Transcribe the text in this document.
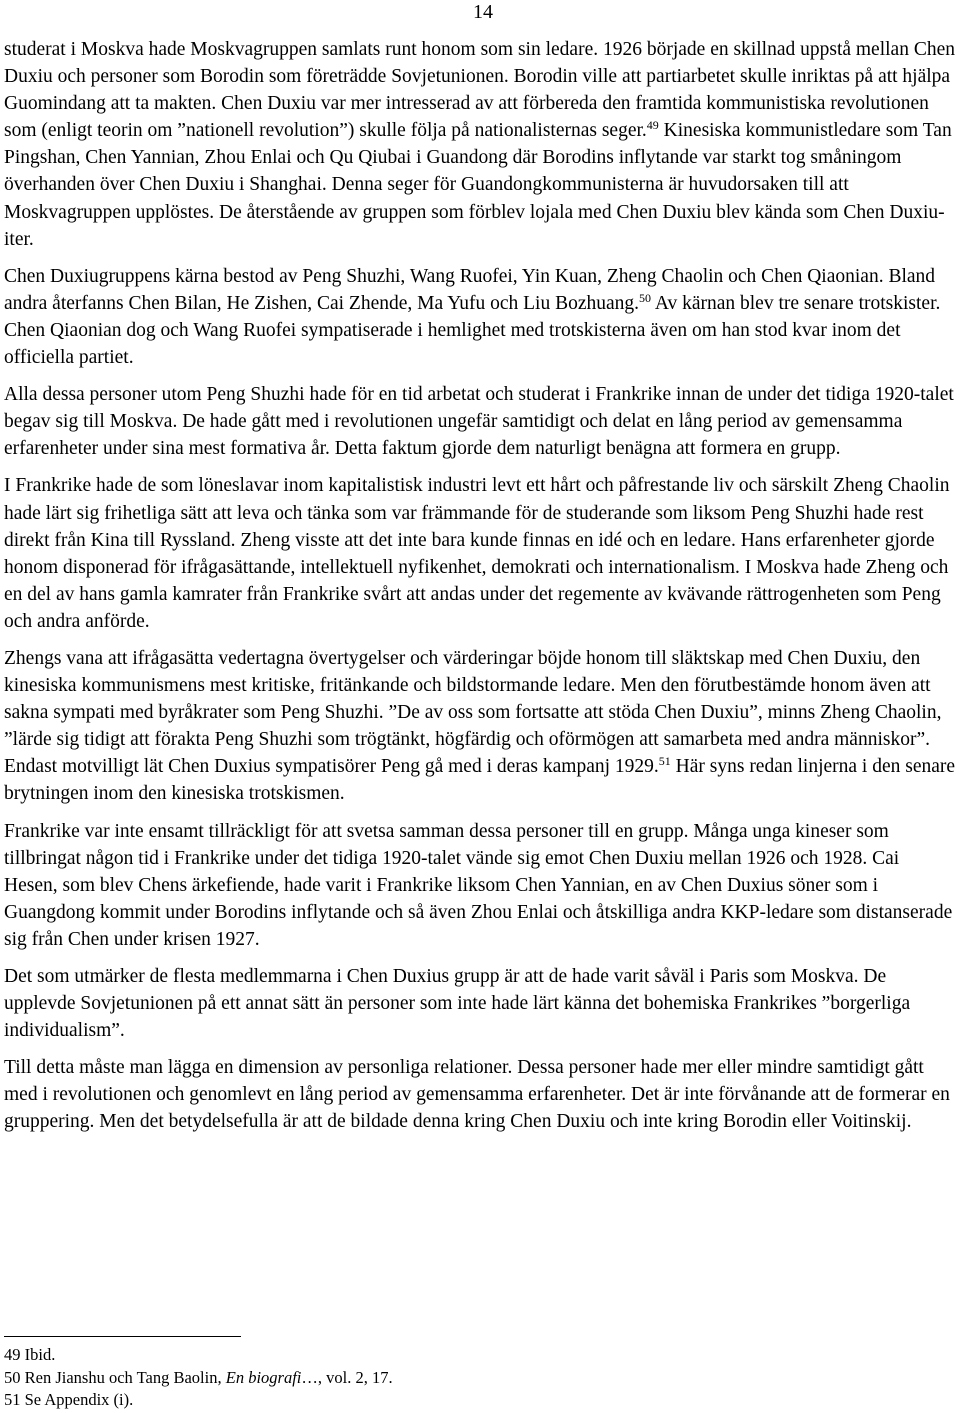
14

studerat i Moskva hade Moskvagruppen samlats runt honom som sin ledare. 1926 började en skillnad uppstå mellan Chen Duxiu och personer som Borodin som företrädde Sovjetunionen. Borodin ville att partiarbetet skulle inriktas på att hjälpa Guomindang att ta makten. Chen Duxiu var mer intresserad av att förbereda den framtida kommunistiska revolutionen som (enligt teorin om ”nationell revolution”) skulle följa på nationalisternas seger.$^{49}$ Kinesiska kommunistledare som Tan Pingshan, Chen Yannian, Zhou Enlai och Qu Qiubai i Guandong där Borodins inflytande var starkt tog småningom överhanden över Chen Duxiu i Shanghai. Denna seger för Guandongkommunisterna är huvudorsaken till att Moskvagruppen upplöstes. De återstående av gruppen som förblev lojala med Chen Duxiu blev kända som Chen Duxiu-iter.

Chen Duxiugruppens kärna bestod av Peng Shuzhi, Wang Ruofei, Yin Kuan, Zheng Chaolin och Chen Qiaonian. Bland andra återfanns Chen Bilan, He Zishen, Cai Zhende, Ma Yufu och Liu Bozhuang.$^{50}$ Av kärnan blev tre senare trotskister. Chen Qiaonian dog och Wang Ruofei sympatiserade i hemlighet med trotskisterna även om han stod kvar inom det officiella partiet.

Alla dessa personer utom Peng Shuzhi hade för en tid arbetat och studerat i Frankrike innan de under det tidiga 1920-talet begav sig till Moskva. De hade gått med i revolutionen ungefär samtidigt och delat en lång period av gemensamma erfarenheter under sina mest formativa år. Detta faktum gjorde dem naturligt benägna att formera en grupp.

I Frankrike hade de som löneslavar inom kapitalistisk industri levt ett hårt och påfrestande liv och särskilt Zheng Chaolin hade lärt sig frihetliga sätt att leva och tänka som var främmande för de studerande som liksom Peng Shuzhi hade rest direkt från Kina till Ryssland. Zheng visste att det inte bara kunde finnas en idé och en ledare. Hans erfarenheter gjorde honom disponerad för ifrågasättande, intellektuell nyfikenhet, demokrati och internationalism. I Moskva hade Zheng och en del av hans gamla kamrater från Frankrike svårt att andas under det regemente av kvävande rättrogenheten som Peng och andra anförde.

Zhengs vana att ifrågasätta vedertagna övertygelser och värderingar böjde honom till släktskap med Chen Duxiu, den kinesiska kommunismens mest kritiske, fritänkande och bildstormande ledare. Men den förutbestämde honom även att sakna sympati med byråkrater som Peng Shuzhi. ”De av oss som fortsatte att stöda Chen Duxiu”, minns Zheng Chaolin, ”lärde sig tidigt att förakta Peng Shuzhi som trögtänkt, högfärdig och oförmögen att samarbeta med andra människor”. Endast motvilligt lät Chen Duxius sympatisörer Peng gå med i deras kampanj 1929.51 Här syns redan linjerna i den senare brytningen inom den kinesiska trotskismen.

Frankrike var inte ensamt tillräckligt för att svetsa samman dessa personer till en grupp. Många unga kineser som tillbringat någon tid i Frankrike under det tidiga 1920-talet vände sig emot Chen Duxiu mellan 1926 och 1928. Cai Hesen, som blev Chens ärkefiende, hade varit i Frankrike liksom Chen Yannian, en av Chen Duxius söner som i Guangdong kommit under Borodins inflytande och så även Zhou Enlai och åtskilliga andra KKP-ledare som distanserade sig från Chen under krisen 1927.

Det som utmärker de flesta medlemmarna i Chen Duxius grupp är att de hade varit såväl i Paris som Moskva. De upplevde Sovjetunionen på ett annat sätt än personer som inte hade lärt känna det bohemiska Frankrikes ”borgerliga individualism”.

Till detta måste man lägga en dimension av personliga relationer. Dessa personer hade mer eller mindre samtidigt gått med i revolutionen och genomlevt en lång period av gemensamma erfarenheter. Det är inte förvånande att de formerar en gruppering. Men det betydelsefulla är att de bildade denna kring Chen Duxiu och inte kring Borodin eller Voitinskij.

49 Ibid.
50 Ren Jianshu och Tang Baolin, En biografi…, vol. 2, 17.
51 Se Appendix (i).
